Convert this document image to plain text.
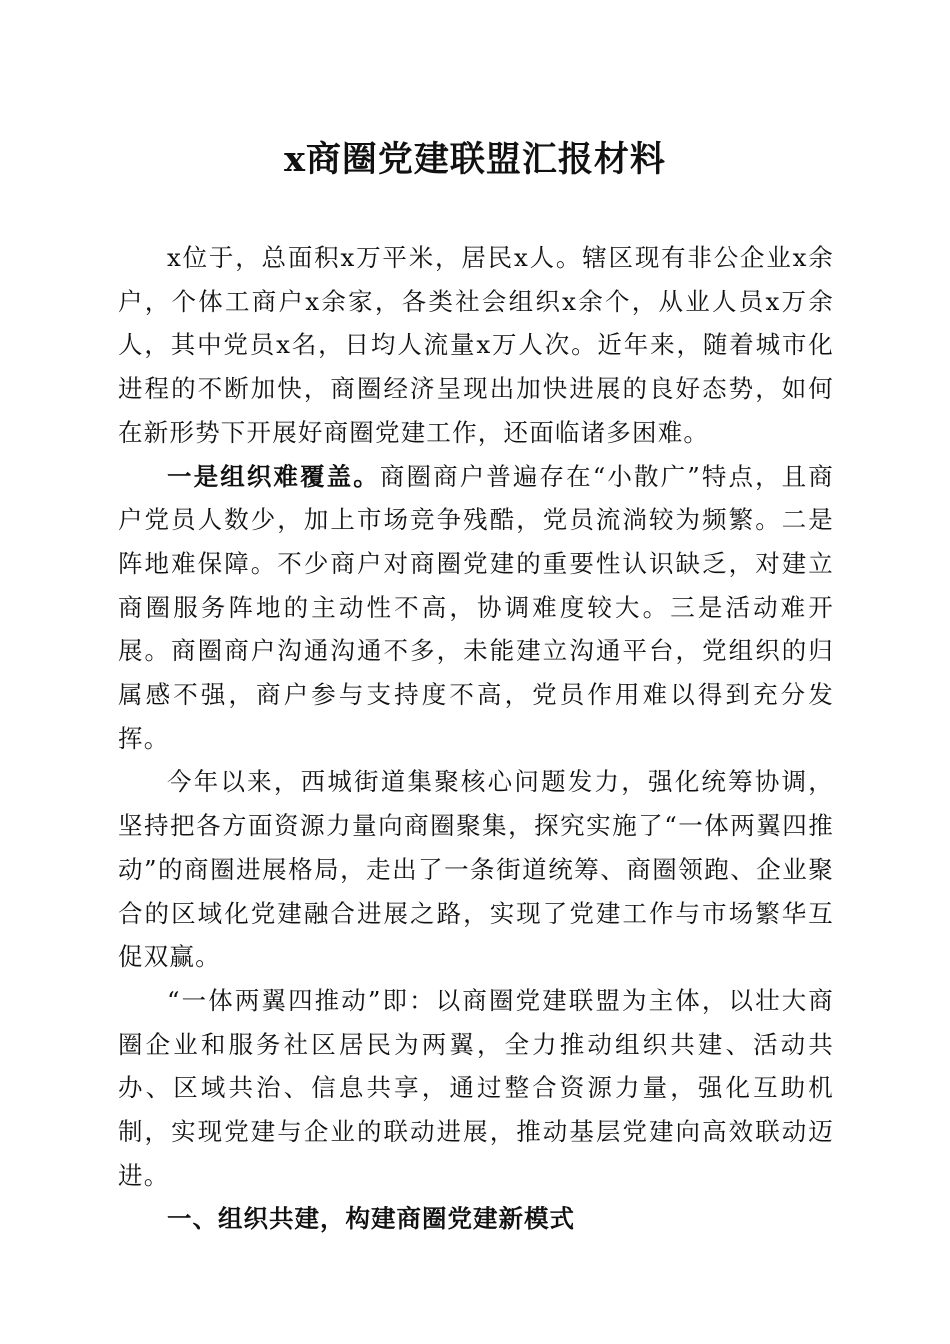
x商圈党建联盟汇报材料

x位于，总面积x万平米，居民x人。辖区现有非公企业x余户，个体工商户x余家，各类社会组织x余个，从业人员x万余人，其中党员x名，日均人流量x万人次。近年来，随着城市化进程的不断加快，商圈经济呈现出加快进展的良好态势，如何在新形势下开展好商圈党建工作，还面临诸多困难。

一是组织难覆盖。商圈商户普遍存在“小散广”特点，且商户党员人数少，加上市场竞争残酷，党员流淌较为频繁。二是阵地难保障。不少商户对商圈党建的重要性认识缺乏，对建立商圈服务阵地的主动性不高，协调难度较大。三是活动难开展。商圈商户沟通沟通不多，未能建立沟通平台，党组织的归属感不强，商户参与支持度不高，党员作用难以得到充分发挥。

今年以来，西城街道集聚核心问题发力，强化统筹协调，坚持把各方面资源力量向商圈聚集，探究实施了“一体两翼四推动”的商圈进展格局，走出了一条街道统筹、商圈领跑、企业聚合的区域化党建融合进展之路，实现了党建工作与市场繁华互促双赢。

“一体两翼四推动”即：以商圈党建联盟为主体，以壮大商圈企业和服务社区居民为两翼，全力推动组织共建、活动共办、区域共治、信息共享，通过整合资源力量，强化互助机制，实现党建与企业的联动进展，推动基层党建向高效联动迈进。

一、组织共建，构建商圈党建新模式
